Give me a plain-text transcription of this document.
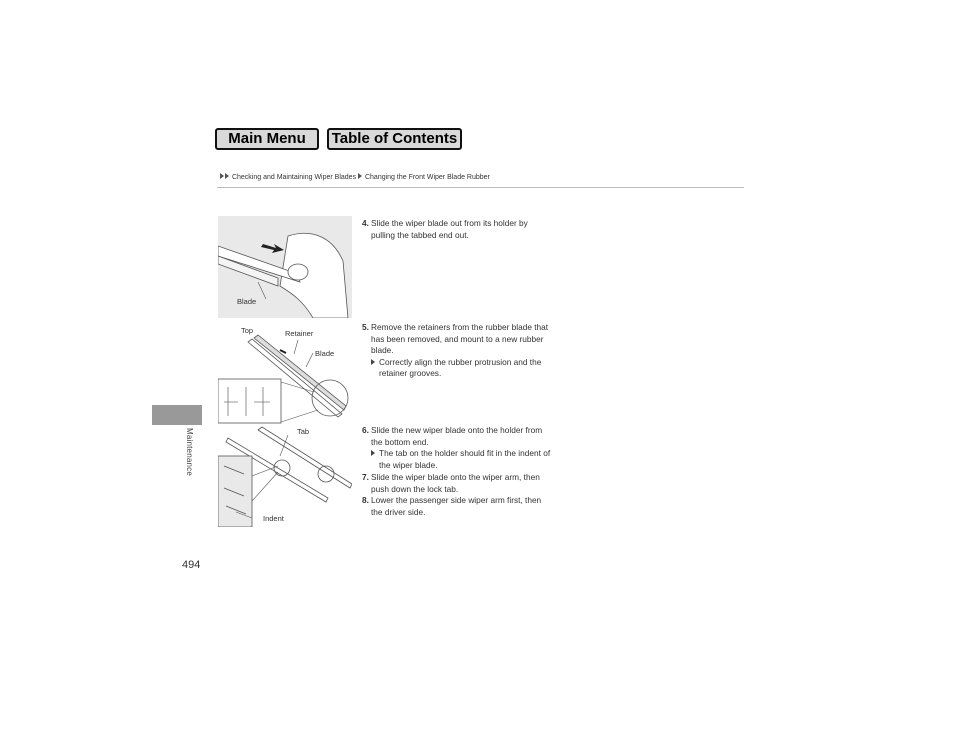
Main Menu	Table of Contents
Checking and Maintaining Wiper Blades Changing the Front Wiper Blade Rubber
Maintenance
494
Blade
Top	Retainer
Blade
Tab
Indent
4. Slide the wiper blade out from its holder by pulling the tabbed end out.
5. Remove the retainers from the rubber blade that has been removed, and mount to a new rubber blade.
Correctly align the rubber protrusion and the retainer grooves.
6. Slide the new wiper blade onto the holder from the bottom end.
The tab on the holder should fit in the indent of the wiper blade.
7. Slide the wiper blade onto the wiper arm, then push down the lock tab.
8. Lower the passenger side wiper arm first, then the driver side.
